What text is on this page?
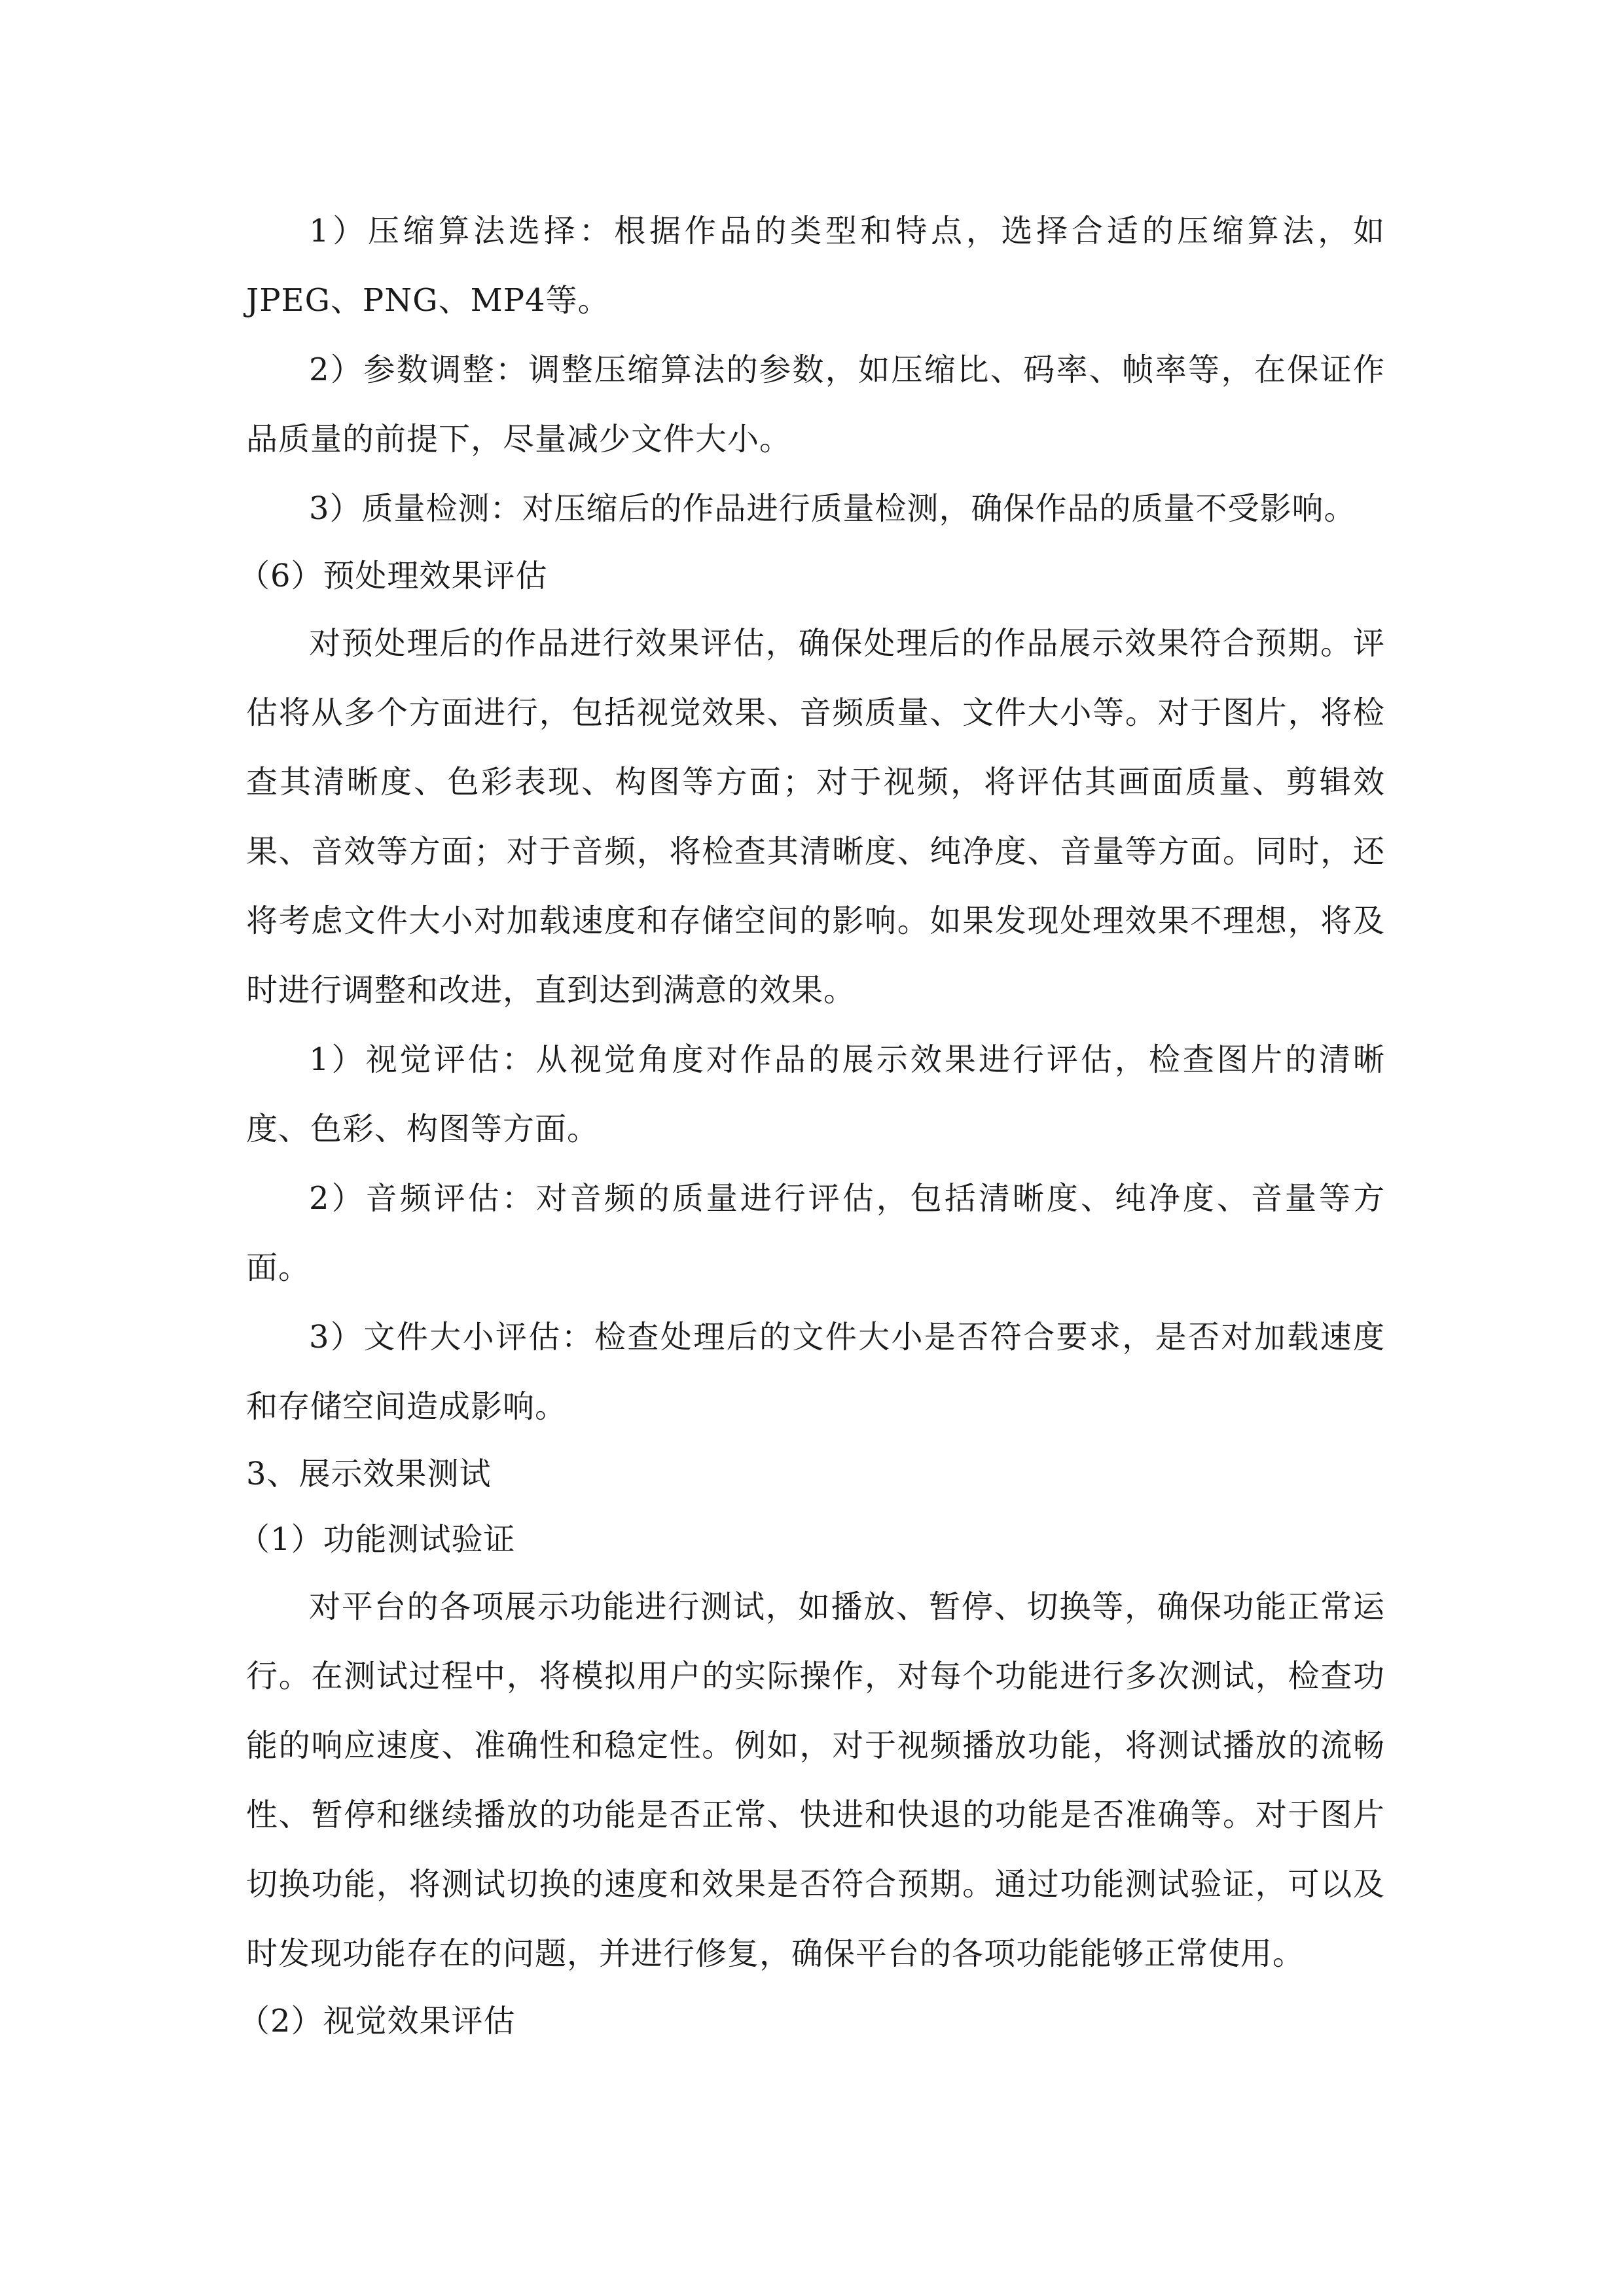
1）压缩算法选择：根据作品的类型和特点，选择合适的压缩算法，如JPEG、PNG、MP4等。

2）参数调整：调整压缩算法的参数，如压缩比、码率、帧率等，在保证作品质量的前提下，尽量减少文件大小。

3）质量检测：对压缩后的作品进行质量检测，确保作品的质量不受影响。

（6）预处理效果评估

对预处理后的作品进行效果评估，确保处理后的作品展示效果符合预期。评估将从多个方面进行，包括视觉效果、音频质量、文件大小等。对于图片，将检查其清晰度、色彩表现、构图等方面；对于视频，将评估其画面质量、剪辑效果、音效等方面；对于音频，将检查其清晰度、纯净度、音量等方面。同时，还将考虑文件大小对加载速度和存储空间的影响。如果发现处理效果不理想，将及时进行调整和改进，直到达到满意的效果。

1）视觉评估：从视觉角度对作品的展示效果进行评估，检查图片的清晰度、色彩、构图等方面。

2）音频评估：对音频的质量进行评估，包括清晰度、纯净度、音量等方面。

3）文件大小评估：检查处理后的文件大小是否符合要求，是否对加载速度和存储空间造成影响。

3、展示效果测试

（1）功能测试验证

对平台的各项展示功能进行测试，如播放、暂停、切换等，确保功能正常运行。在测试过程中，将模拟用户的实际操作，对每个功能进行多次测试，检查功能的响应速度、准确性和稳定性。例如，对于视频播放功能，将测试播放的流畅性、暂停和继续播放的功能是否正常、快进和快退的功能是否准确等。对于图片切换功能，将测试切换的速度和效果是否符合预期。通过功能测试验证，可以及时发现功能存在的问题，并进行修复，确保平台的各项功能能够正常使用。

（2）视觉效果评估
